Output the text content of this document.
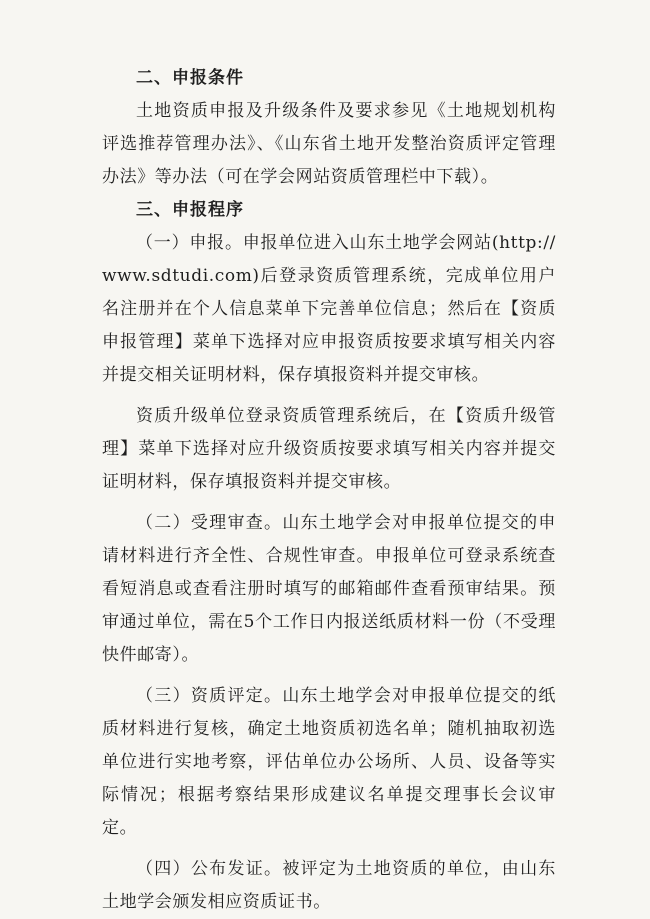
二、申报条件

土地资质申报及升级条件及要求参见《土地规划机构评选推荐管理办法》、《山东省土地开发整治资质评定管理办法》等办法（可在学会网站资质管理栏中下载）。

三、申报程序

（一）申报。申报单位进入山东土地学会网站(http://www.sdtudi.com)后登录资质管理系统，完成单位用户名注册并在个人信息菜单下完善单位信息；然后在【资质申报管理】菜单下选择对应申报资质按要求填写相关内容并提交相关证明材料，保存填报资料并提交审核。

资质升级单位登录资质管理系统后，在【资质升级管理】菜单下选择对应升级资质按要求填写相关内容并提交证明材料，保存填报资料并提交审核。

（二）受理审查。山东土地学会对申报单位提交的申请材料进行齐全性、合规性审查。申报单位可登录系统查看短消息或查看注册时填写的邮箱邮件查看预审结果。预审通过单位，需在5个工作日内报送纸质材料一份（不受理快件邮寄）。

（三）资质评定。山东土地学会对申报单位提交的纸质材料进行复核，确定土地资质初选名单；随机抽取初选单位进行实地考察，评估单位办公场所、人员、设备等实际情况；根据考察结果形成建议名单提交理事长会议审定。

（四）公布发证。被评定为土地资质的单位，由山东土地学会颁发相应资质证书。
